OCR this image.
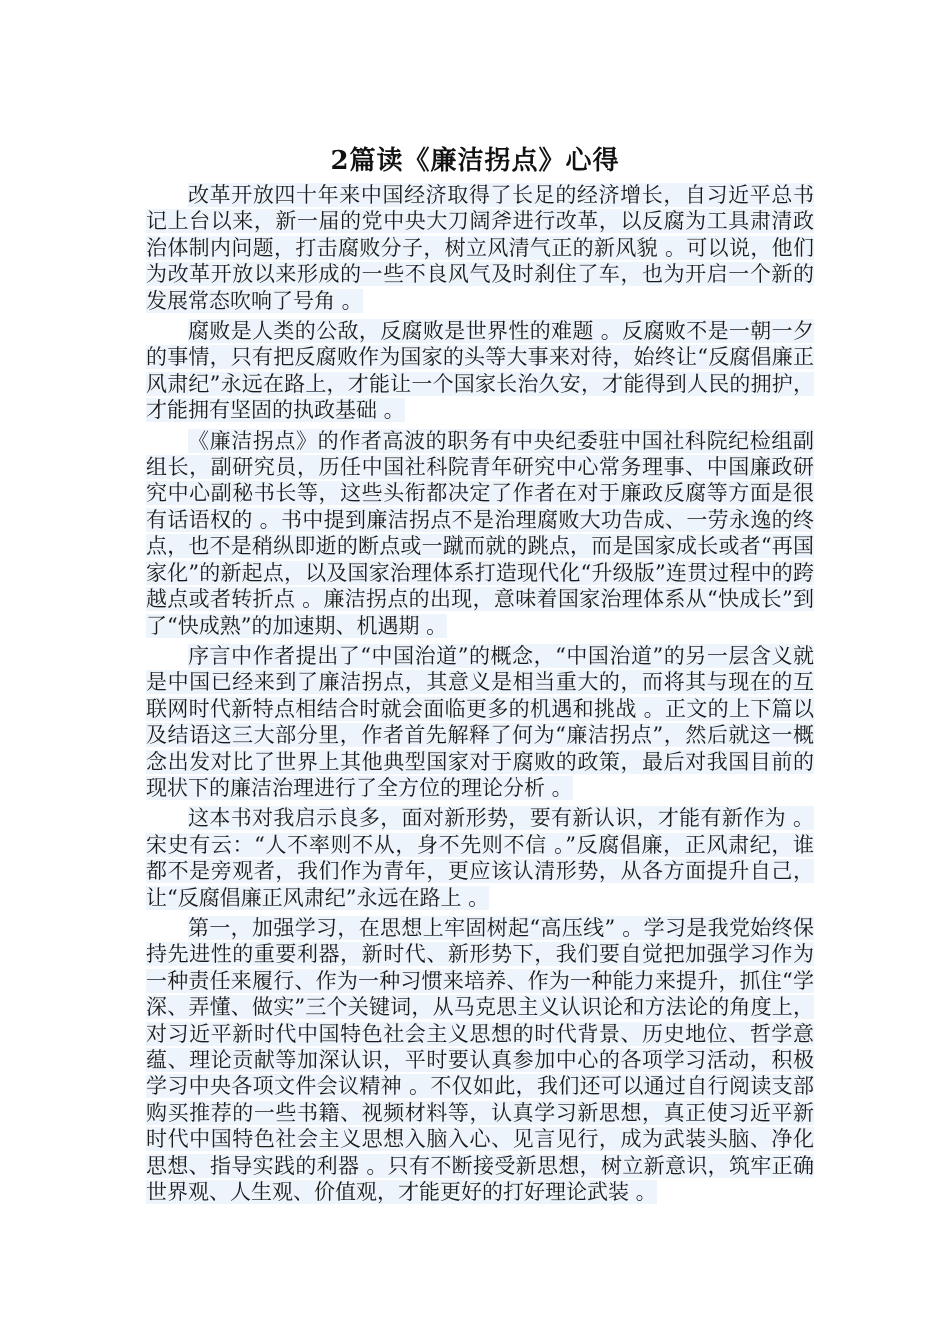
2篇读《廉洁拐点》心得

改革开放四十年来中国经济取得了长足的经济增长，自习近平总书记上台以来，新一届的党中央大刀阔斧进行改革，以反腐为工具肃清政治体制内问题，打击腐败分子，树立风清气正的新风貌 。可以说，他们为改革开放以来形成的一些不良风气及时刹住了车，也为开启一个新的发展常态吹响了号角 。

腐败是人类的公敌，反腐败是世界性的难题 。反腐败不是一朝一夕的事情，只有把反腐败作为国家的头等大事来对待，始终让“反腐倡廉正风肃纪”永远在路上，才能让一个国家长治久安，才能得到人民的拥护，才能拥有坚固的执政基础 。

《廉洁拐点》的作者高波的职务有中央纪委驻中国社科院纪检组副组长，副研究员，历任中国社科院青年研究中心常务理事、中国廉政研究中心副秘书长等，这些头衔都决定了作者在对于廉政反腐等方面是很有话语权的 。书中提到廉洁拐点不是治理腐败大功告成、一劳永逸的终点，也不是稍纵即逝的断点或一蹴而就的跳点，而是国家成长或者“再国家化”的新起点，以及国家治理体系打造现代化“升级版”连贯过程中的跨越点或者转折点 。廉洁拐点的出现，意味着国家治理体系从“快成长”到了“快成熟”的加速期、机遇期 。

序言中作者提出了“中国治道”的概念，“中国治道”的另一层含义就是中国已经来到了廉洁拐点，其意义是相当重大的，而将其与现在的互联网时代新特点相结合时就会面临更多的机遇和挑战 。正文的上下篇以及结语这三大部分里，作者首先解释了何为“廉洁拐点”，然后就这一概念出发对比了世界上其他典型国家对于腐败的政策，最后对我国目前的现状下的廉洁治理进行了全方位的理论分析 。

这本书对我启示良多，面对新形势，要有新认识，才能有新作为 。宋史有云：“人不率则不从，身不先则不信 。”反腐倡廉，正风肃纪，谁都不是旁观者，我们作为青年，更应该认清形势，从各方面提升自己，让“反腐倡廉正风肃纪”永远在路上 。

第一，加强学习，在思想上牢固树起“高压线” 。学习是我党始终保持先进性的重要利器，新时代、新形势下，我们要自觉把加强学习作为一种责任来履行、作为一种习惯来培养、作为一种能力来提升，抓住“学深、弄懂、做实”三个关键词，从马克思主义认识论和方法论的角度上，对习近平新时代中国特色社会主义思想的时代背景、历史地位、哲学意蕴、理论贡献等加深认识，平时要认真参加中心的各项学习活动，积极学习中央各项文件会议精神 。不仅如此，我们还可以通过自行阅读支部购买推荐的一些书籍、视频材料等，认真学习新思想，真正使习近平新时代中国特色社会主义思想入脑入心、见言见行，成为武装头脑、净化思想、指导实践的利器 。只有不断接受新思想，树立新意识，筑牢正确世界观、人生观、价值观，才能更好的打好理论武装 。
